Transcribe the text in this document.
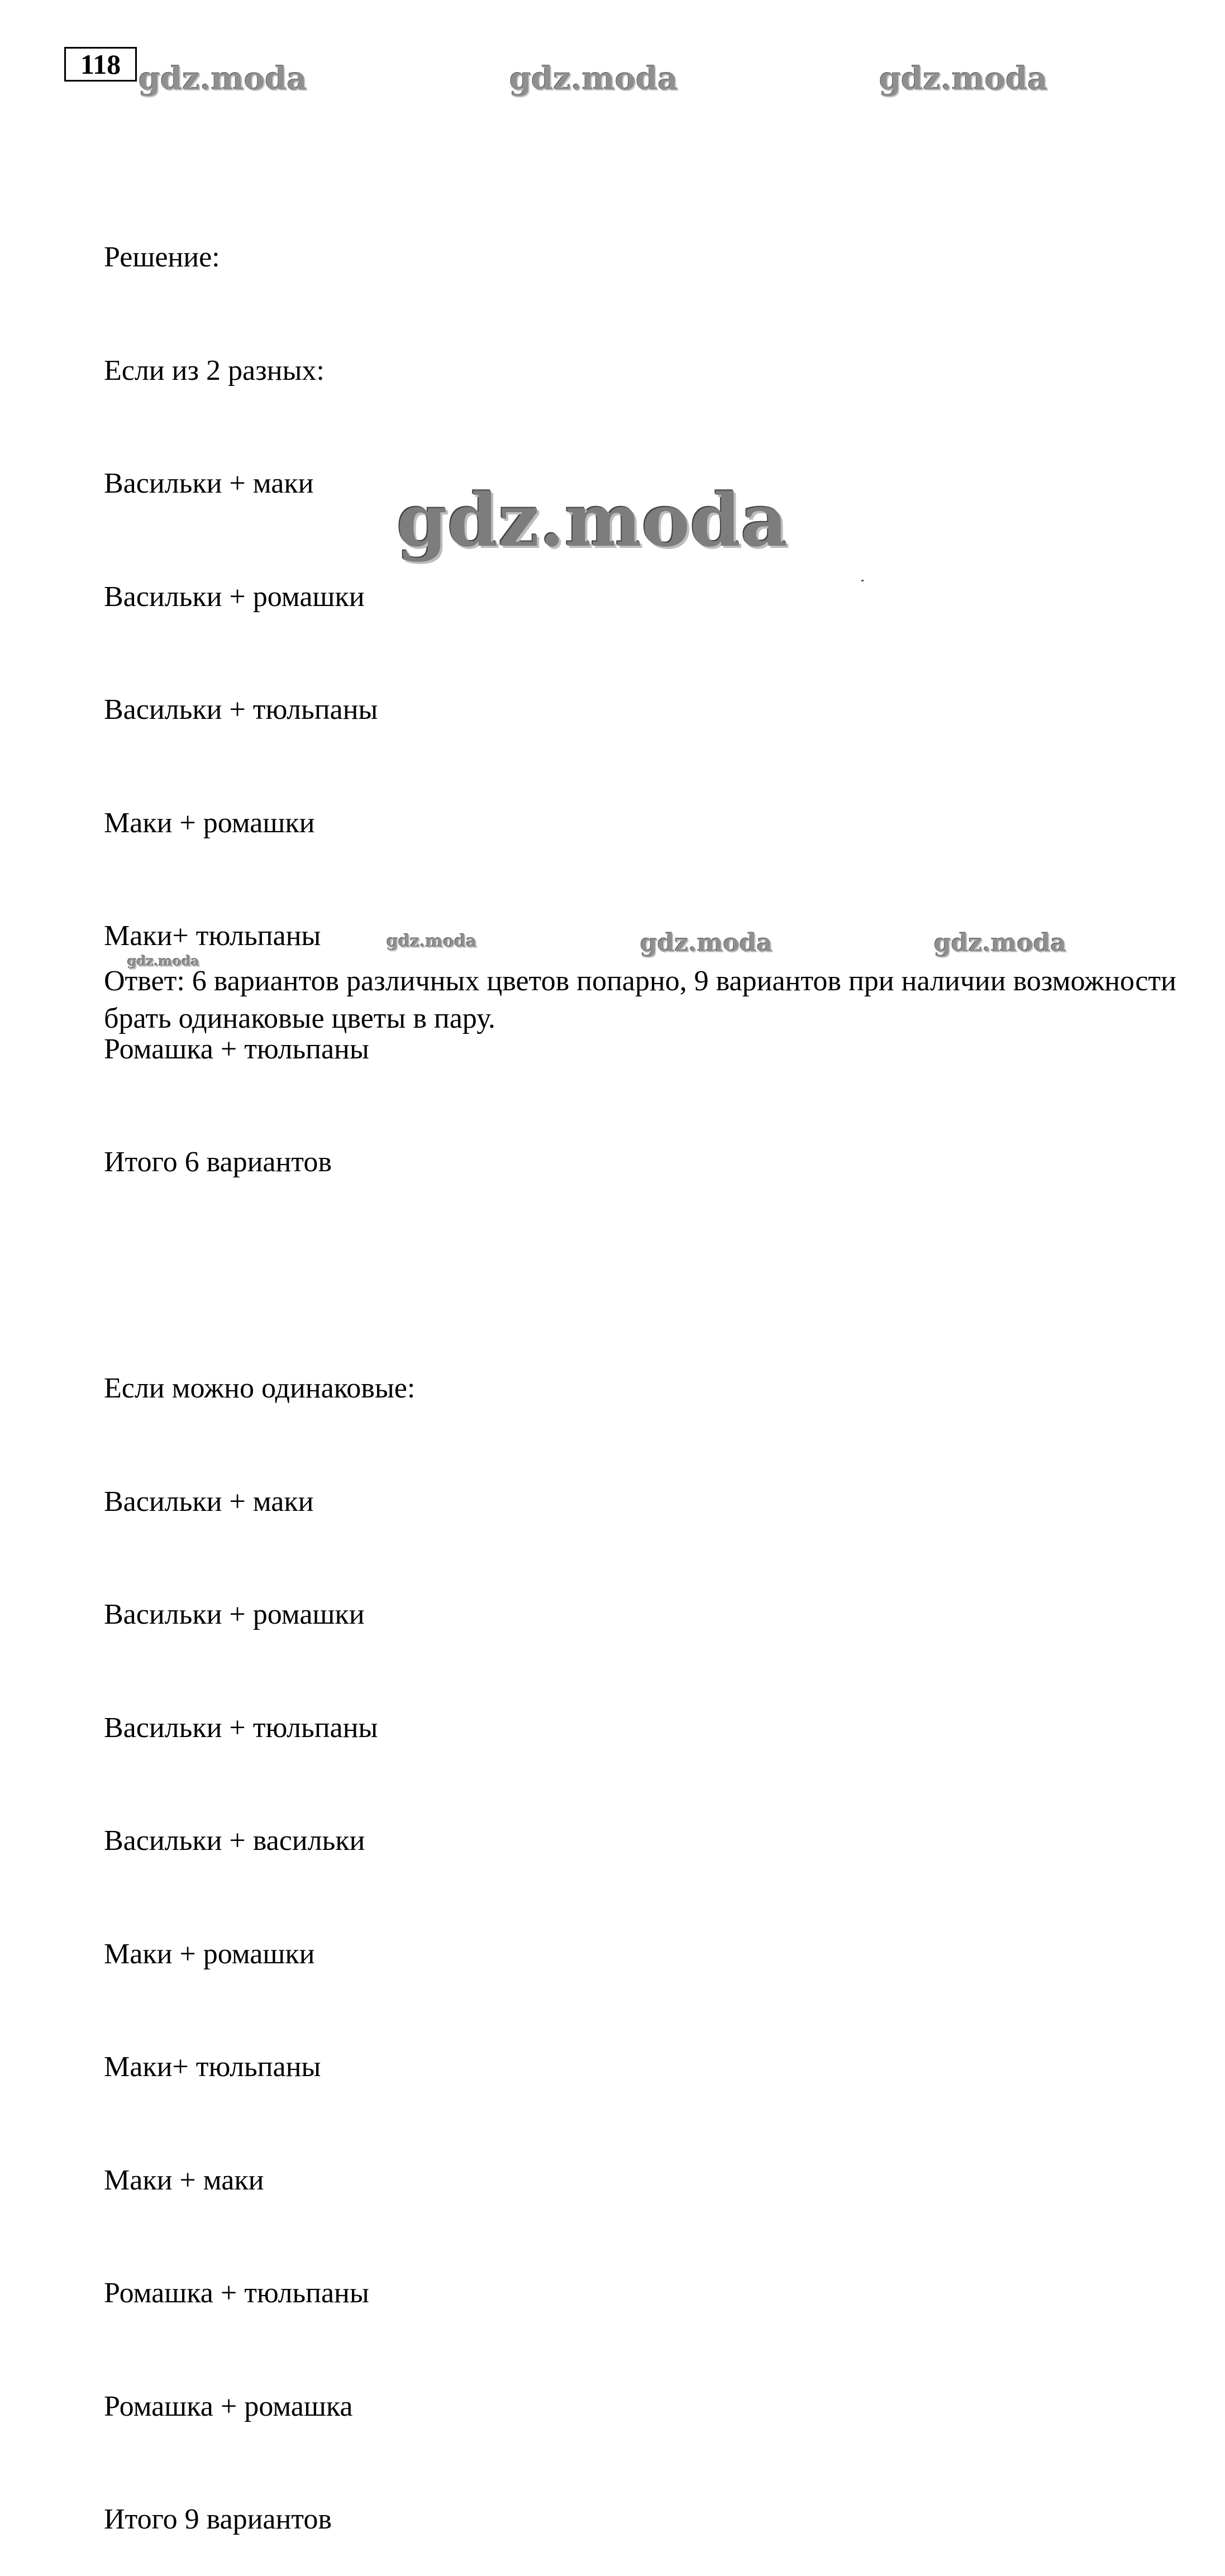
118 gdz.moda	gdz.moda	gdz.moda

Решение:

Если из 2 разных:

Васильки + маки

Васильки + ромашки

Васильки + тюльпаны

Маки + ромашки

Маки+ тюльпаны

Ромашка + тюльпаны

Итого 6 вариантов

Если можно одинаковые:

Васильки + маки

Васильки + ромашки

Васильки + тюльпаны

Васильки + васильки

Маки + ромашки

Маки+ тюльпаны

Маки + маки

Ромашка + тюльпаны

Ромашка + ромашка

Итого 9 вариантов

Ответ: 6 вариантов различных цветов попарно, 9 вариантов при наличии возможности брать одинаковые цветы в пару.
gdz.moda
gdz.moda	gdz.moda	gdz.moda
gdz.moda
